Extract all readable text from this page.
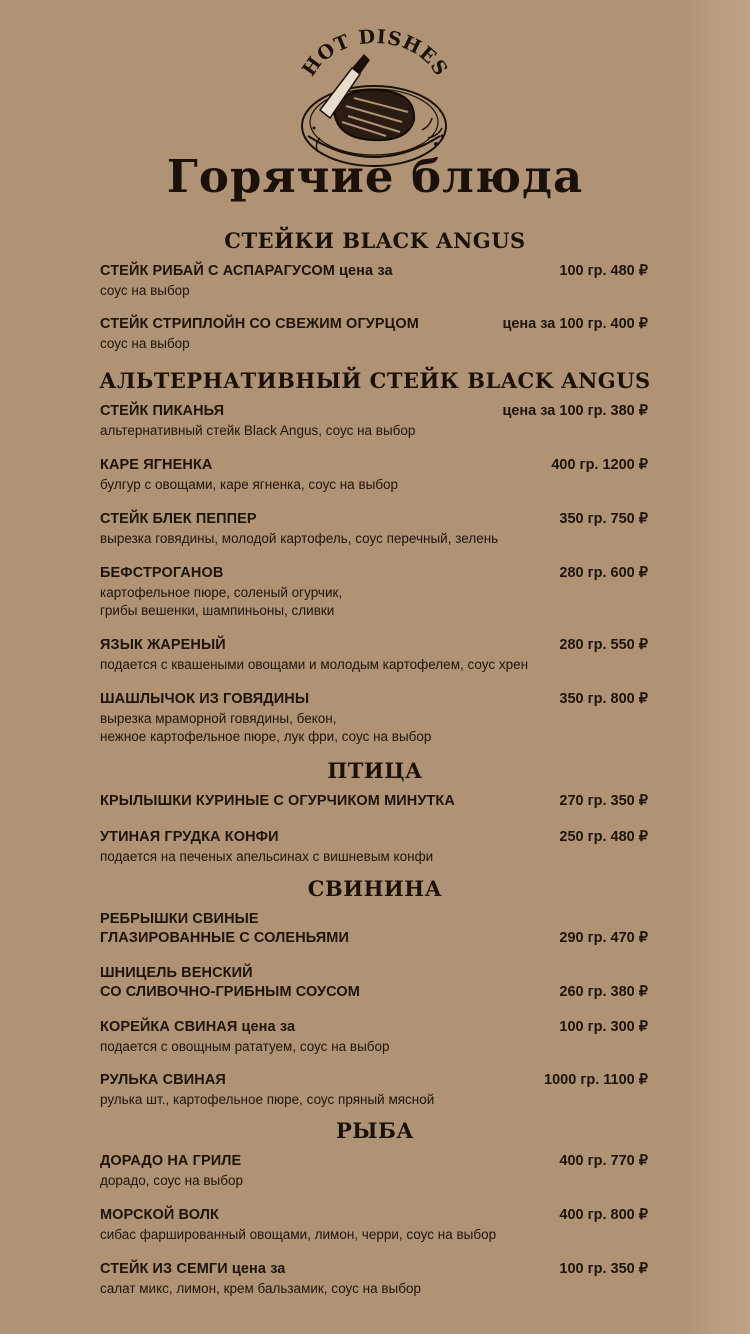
HOT DISHES
Горячие блюда
СТЕЙКИ BLACK ANGUS
100 гр. 480 ₽
СТЕЙК РИБАЙ С АСПАРАГУСОМ цена за
соус на выбор
цена за 100 гр. 400 ₽
СТЕЙК СТРИПЛОЙН СО СВЕЖИМ ОГУРЦОМ
соус на выбор
АЛЬТЕРНАТИВНЫЙ СТЕЙК BLACK ANGUS
цена за 100 гр. 380 ₽
СТЕЙК ПИКАНЬЯ
альтернативный стейк Black Angus, соус на выбор
400 гр. 1200 ₽
КАРЕ ЯГНЕНКА
булгур с овощами, каре ягненка, соус на выбор
350 гр. 750 ₽
СТЕЙК БЛЕК ПЕППЕР
вырезка говядины, молодой картофель, соус перечный, зелень
280 гр. 600 ₽
БЕФСТРОГАНОВ
картофельное пюре, соленый огурчик,
грибы вешенки, шампиньоны, сливки
280 гр. 550 ₽
ЯЗЫК ЖАРЕНЫЙ
подается с квашеными овощами и молодым картофелем, соус хрен
350 гр. 800 ₽
ШАШЛЫЧОК ИЗ ГОВЯДИНЫ
вырезка мраморной говядины, бекон,
нежное картофельное пюре, лук фри, соус на выбор
ПТИЦА
270 гр. 350 ₽
КРЫЛЫШКИ КУРИНЫЕ С ОГУРЧИКОМ МИНУТКА
250 гр. 480 ₽
УТИНАЯ ГРУДКА КОНФИ
подается на печеных апельсинах с вишневым конфи
СВИНИНА
290 гр. 470 ₽
РЕБРЫШКИ СВИНЫЕ
ГЛАЗИРОВАННЫЕ С СОЛЕНЬЯМИ
260 гр. 380 ₽
ШНИЦЕЛЬ ВЕНСКИЙ
СО СЛИВОЧНО-ГРИБНЫМ СОУСОМ
100 гр. 300 ₽
КОРЕЙКА СВИНАЯ цена за
подается с овощным рататуем, соус на выбор
1000 гр. 1100 ₽
РУЛЬКА СВИНАЯ
рулька шт., картофельное пюре, соус пряный мясной
РЫБА
400 гр. 770 ₽
ДОРАДО НА ГРИЛЕ
дорадо, соус на выбор
400 гр. 800 ₽
МОРСКОЙ ВОЛК
сибас фаршированный овощами, лимон, черри, соус на выбор
100 гр. 350 ₽
СТЕЙК ИЗ СЕМГИ цена за
салат микс, лимон, крем бальзамик, соус на выбор
